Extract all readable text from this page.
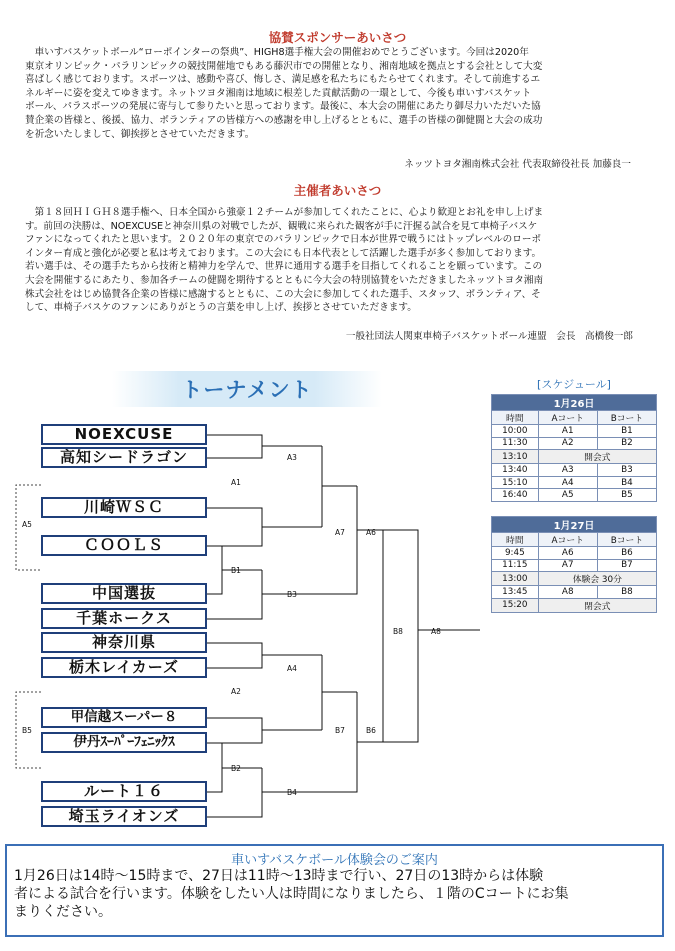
協賛スポンサーあいさつ
　車いすバスケットボール“ローポインターの祭典”、HIGH8選手権大会の開催おめでとうございます。今回は2020年
東京オリンピック・パラリンピックの競技開催地でもある藤沢市での開催となり、湘南地域を拠点とする会社として大変
喜ばしく感じております。スポーツは、感動や喜び、悔しさ、満足感を私たちにもたらせてくれます。そして前進するエ
ネルギーに姿を変えてゆきます。ネットツヨタ湘南は地域に根差した貢献活動の一環として、今後も車いすバスケット
ボール、パラスポーツの発展に寄与して参りたいと思っております。最後に、本大会の開催にあたり御尽力いただいた協
賛企業の皆様と、後援、協力、ボランティアの皆様方への感謝を申し上げるとともに、選手の皆様の御健闘と大会の成功
を祈念いたしまして、御挨拶とさせていただきます。
ネッツトヨタ湘南株式会社 代表取締役社長 加藤良一
主催者あいさつ
　第１８回ＨＩＧＨ８選手権へ、日本全国から強豪１２チームが参加してくれたことに、心より歓迎とお礼を申し上げま
す。前回の決勝は、NOEXCUSEと神奈川県の対戦でしたが、観戦に来られた観客が手に汗握る試合を見て車椅子バスケ
ファンになってくれたと思います。２０２０年の東京でのパラリンピックで日本が世界で戦うにはトップレベルのローポ
インター育成と強化が必要と私は考えております。この大会にも日本代表として活躍した選手が多く参加しております。
若い選手は、その選手たちから技術と精神力を学んで、世界に通用する選手を目指してくれることを願っています。この
大会を開催するにあたり、参加各チームの健闘を期待するとともに今大会の特別協賛をいただきましたネッツトヨタ湘南
株式会社をはじめ協賛各企業の皆様に感謝するとともに、この大会に参加してくれた選手、スタッフ、ボランティア、そ
して、車椅子バスケのファンにありがとうの言葉を申し上げ、挨拶とさせていただきます。
一般社団法人関東車椅子バスケットボール連盟　会長　高橋俊一郎
トーナメント
A3
A1
A5
A7	A6
B1
B3
B8	A8
A4
A2
B7	B6
B5
B2
B4
NOEXCUSE
高知シードラゴン
川崎ＷＳＣ
ＣＯＯＬＳ
中国選抜
千葉ホークス
神奈川県
栃木レイカーズ
甲信越スーパー８
伊丹ｽｰﾊﾟｰﾌｪﾆｯｸｽ
ルート１６
埼玉ライオンズ
[スケジュール]
1月26日		
時間	Aコート	Bコート
10:00	A1	B1
11:30	A2	B2
13:10	開会式	
13:40	A3	B3
15:10	A4	B4
16:40	A5	B5
1月27日		
時間	Aコート	Bコート
9:45	A6	B6
11:15	A7	B7
13:00	体験会 30分	
13:45	A8	B8
15:20	閉会式	
車いすバスケボール体験会のご案内
1月26日は14時～15時まで、27日は11時～13時まで行い、27日の13時からは体験
者による試合を行います。体験をしたい人は時間になりましたら、１階のCコートにお集
まりください。
